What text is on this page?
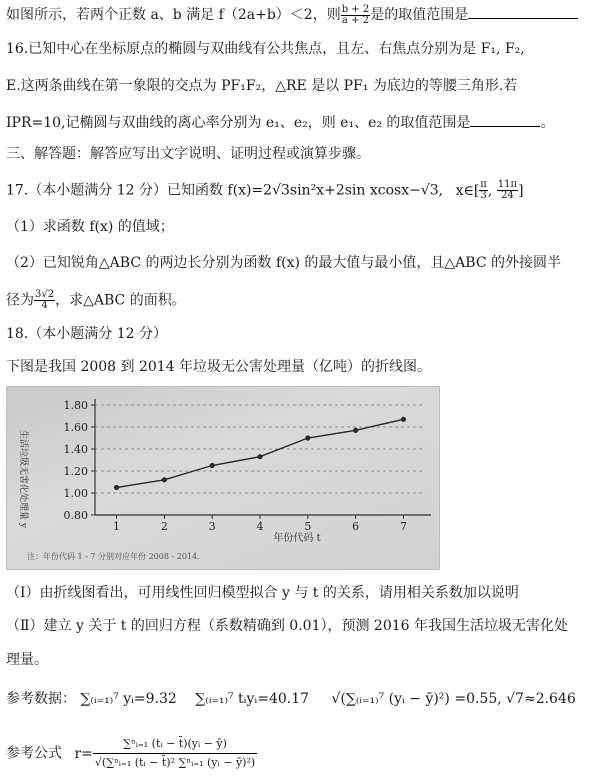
如图所示，若两个正数 a、b 满足 f（2a+b）＜2，则 $\frac{b + 2}{a + 2}$ 是的取值范围是
16.已知中心在坐标原点的椭圆与双曲线有公共焦点，且左、右焦点分别为是 F₁, F₂,
E.这两条曲线在第一象限的交点为 PF₁F₂，△RE 是以 PF₁ 为底边的等腰三角形.若
IPR=10,记椭圆与双曲线的离心率分别为 e₁、e₂，则 e₁、e₂ 的取值范围是	。
三、解答题：解答应写出文字说明、证明过程或演算步骤。
17.（本小题满分 12 分）已知函数 f(x)=2√3sin²x+2sin xcosx−√3, x∈[ $\frac{\pi}{3}$ , $\frac{11\pi}{24}$ ]
（1）求函数 f(x) 的值域；
（2）已知锐角△ABC 的两边长分别为函数 f(x) 的最大值与最小值，且△ABC 的外接圆半
径为 $\frac{3√2}{4}$ ，求△ABC 的面积。
18.（本小题满分 12 分）
下图是我国 2008 到 2014 年垃圾无公害处理量（亿吨）的折线图。
0.80
1.00
1.20
1.40
1.60
1.80
1	2	3	4	5	6	7
生活垃圾无害化处理量 y
年份代码 t
注：年份代码 1 - 7 分别对应年份 2008 - 2014.
（I）由折线图看出，可用线性回归模型拟合 y 与 t 的关系，请用相关系数加以说明
（Ⅱ）建立 y 关于 t 的回归方程（系数精确到 0.01），预测 2016 年我国生活垃圾无害化处
理量。
参考数据： ∑₍ᵢ₌₁₎⁷ yᵢ=9.32 ∑₍ᵢ₌₁₎⁷ tᵢyᵢ=40.17 √(∑₍ᵢ₌₁₎⁷ (yᵢ − ȳ)²) =0.55, √7≈2.646
参考公式 $r= \frac{\text{∑ⁿᵢ₌₁ (tᵢ − t̄)(yᵢ − ȳ)}}{\text{√(∑ⁿᵢ₌₁ (tᵢ − t̄)² ∑ⁿᵢ₌₁ (yᵢ − ȳ)²)}}$
